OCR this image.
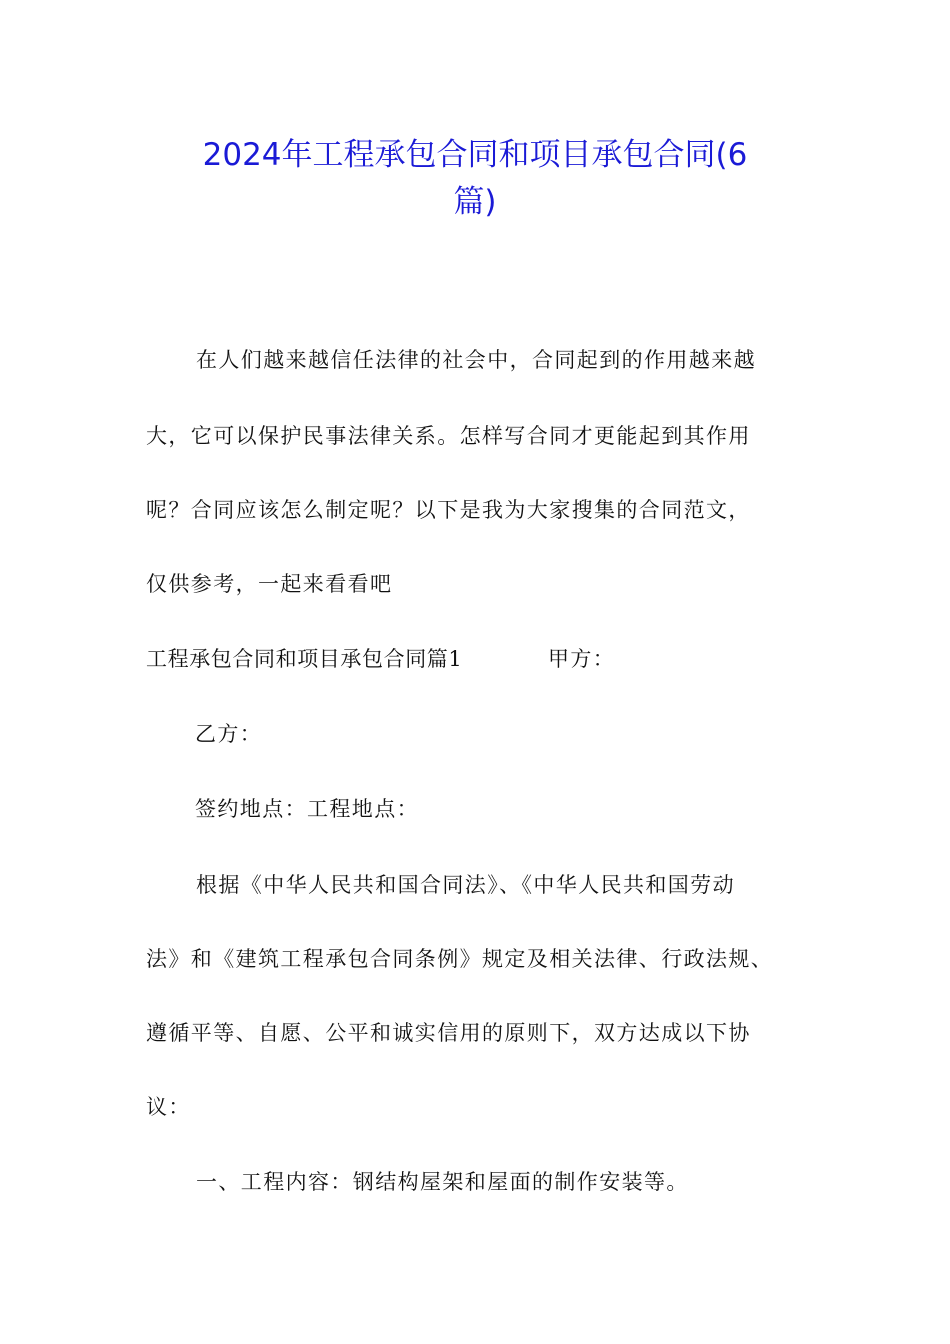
2024年工程承包合同和项目承包合同(6
篇)
在人们越来越信任法律的社会中，合同起到的作用越来越
大，它可以保护民事法律关系。怎样写合同才更能起到其作用
呢？合同应该怎么制定呢？以下是我为大家搜集的合同范文，
仅供参考，一起来看看吧
工程承包合同和项目承包合同篇1	甲方：
乙方：
签约地点：工程地点：
根据《中华人民共和国合同法》、《中华人民共和国劳动
法》和《建筑工程承包合同条例》规定及相关法律、行政法规、
遵循平等、自愿、公平和诚实信用的原则下，双方达成以下协
议：
一、工程内容：钢结构屋架和屋面的制作安装等。
